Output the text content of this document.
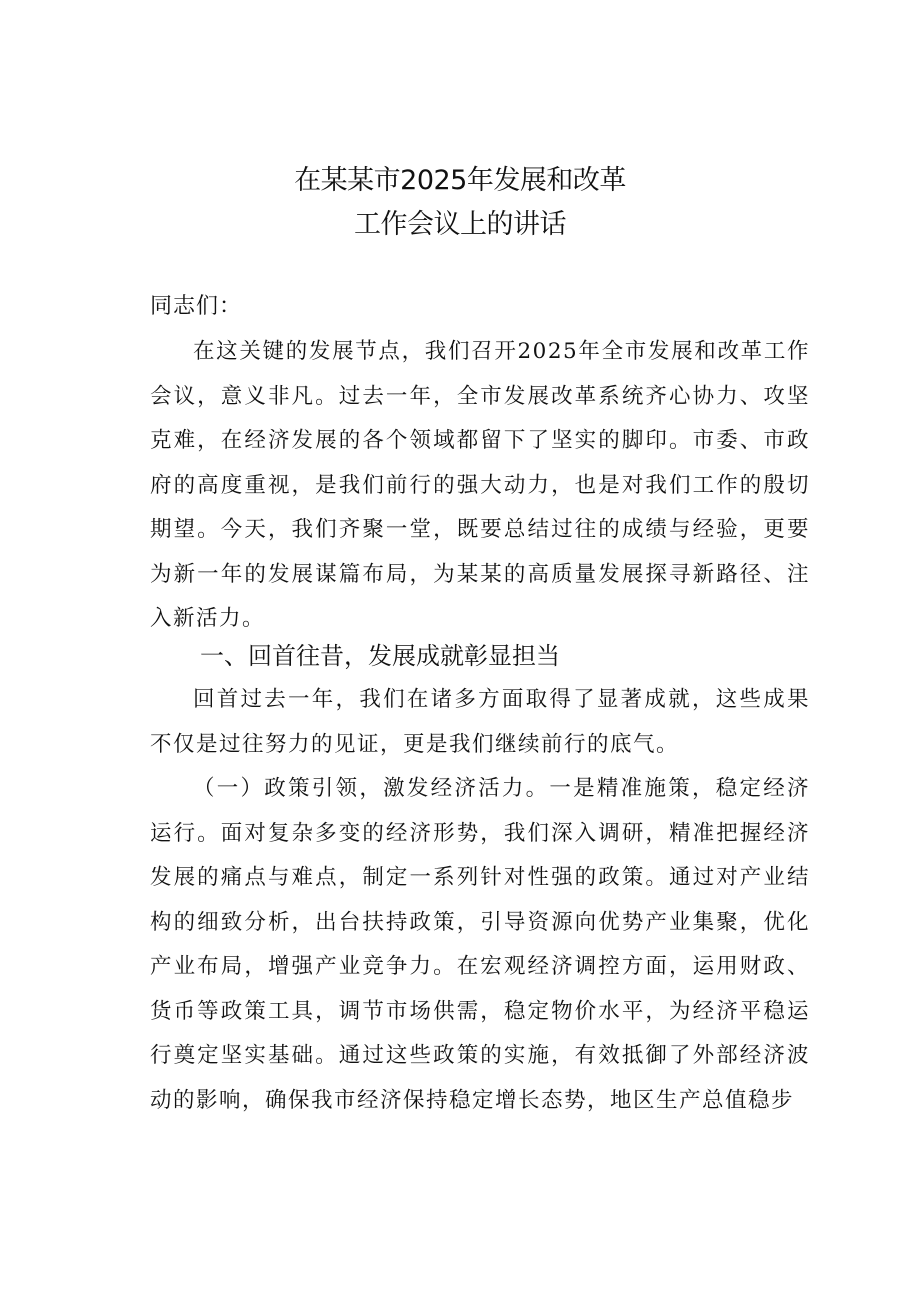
在某某市2025年发展和改革
工作会议上的讲话
同志们：

在这关键的发展节点，我们召开2025年全市发展和改革工作会议，意义非凡。过去一年，全市发展改革系统齐心协力、攻坚克难，在经济发展的各个领域都留下了坚实的脚印。市委、市政府的高度重视，是我们前行的强大动力，也是对我们工作的殷切期望。今天，我们齐聚一堂，既要总结过往的成绩与经验，更要为新一年的发展谋篇布局，为某某的高质量发展探寻新路径、注入新活力。

一、回首往昔，发展成就彰显担当

回首过去一年，我们在诸多方面取得了显著成就，这些成果不仅是过往努力的见证，更是我们继续前行的底气。

（一）政策引领，激发经济活力。一是精准施策，稳定经济运行。面对复杂多变的经济形势，我们深入调研，精准把握经济发展的痛点与难点，制定一系列针对性强的政策。通过对产业结构的细致分析，出台扶持政策，引导资源向优势产业集聚，优化产业布局，增强产业竞争力。在宏观经济调控方面，运用财政、货币等政策工具，调节市场供需，稳定物价水平，为经济平稳运行奠定坚实基础。通过这些政策的实施，有效抵御了外部经济波动的影响，确保我市经济保持稳定增长态势，地区生产总值稳步
